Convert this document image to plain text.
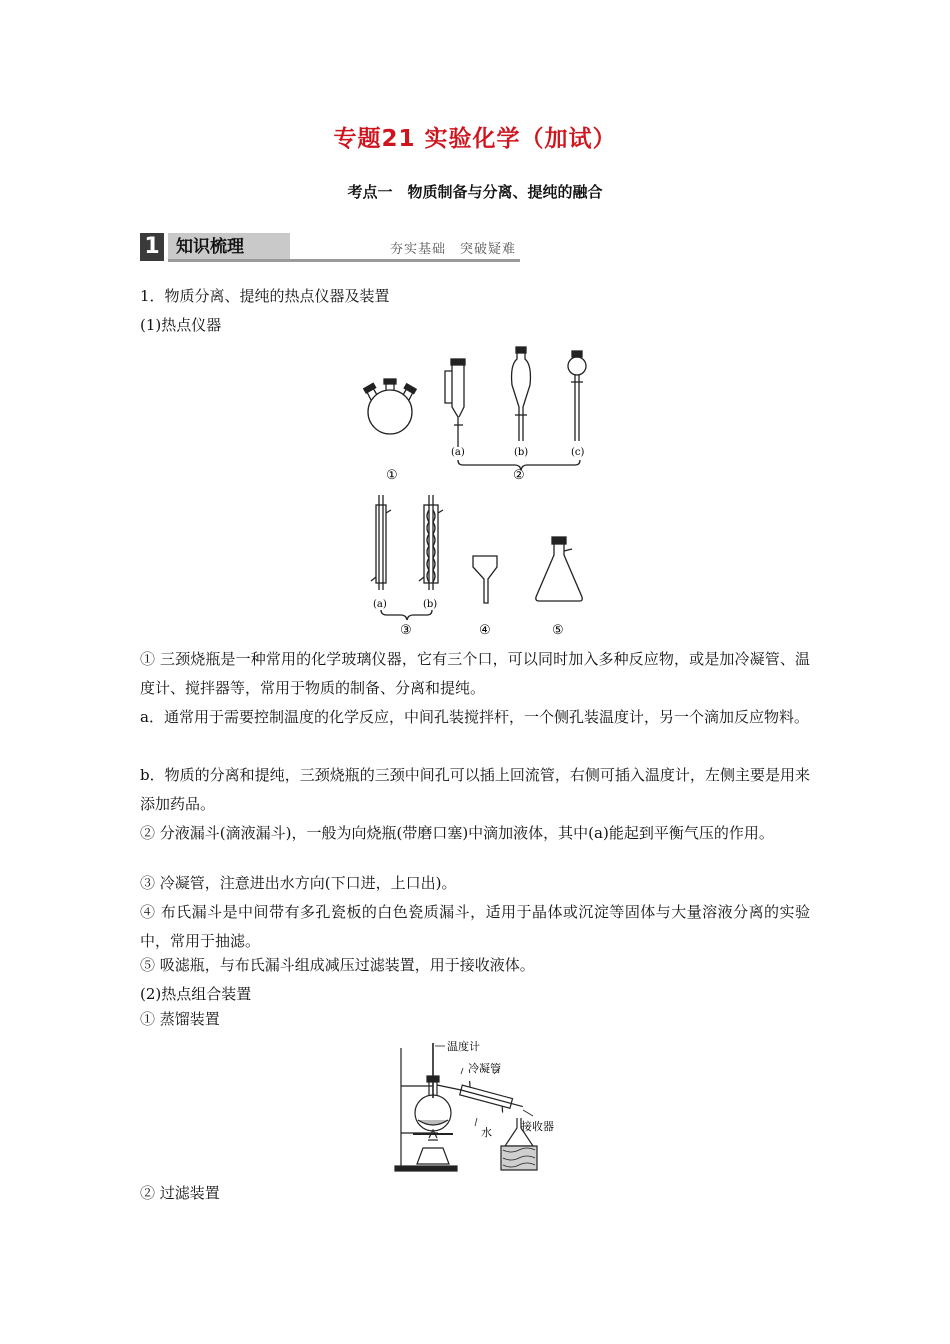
专题21 实验化学（加试）
考点一　物质制备与分离、提纯的融合
1 知识梳理	夯实基础　突破疑难
1．物质分离、提纯的热点仪器及装置
(1)热点仪器
①
(a)	(b)	(c)
②
(a)	(b)
③	④	⑤
① 三颈烧瓶是一种常用的化学玻璃仪器，它有三个口，可以同时加入多种反应物，或是加冷凝管、温度计、搅拌器等，常用于物质的制备、分离和提纯。
a．通常用于需要控制温度的化学反应，中间孔装搅拌杆，一个侧孔装温度计，另一个滴加反应物料。
b．物质的分离和提纯，三颈烧瓶的三颈中间孔可以插上回流管，右侧可插入温度计，左侧主要是用来添加药品。
② 分液漏斗(滴液漏斗)，一般为向烧瓶(带磨口塞)中滴加液体，其中(a)能起到平衡气压的作用。
③ 冷凝管，注意进出水方向(下口进，上口出)。
④ 布氏漏斗是中间带有多孔瓷板的白色瓷质漏斗，适用于晶体或沉淀等固体与大量溶液分离的实验中，常用于抽滤。
⑤ 吸滤瓶，与布氏漏斗组成减压过滤装置，用于接收液体。
(2)热点组合装置
① 蒸馏装置
温度计
冷凝管
接收器
水
② 过滤装置
